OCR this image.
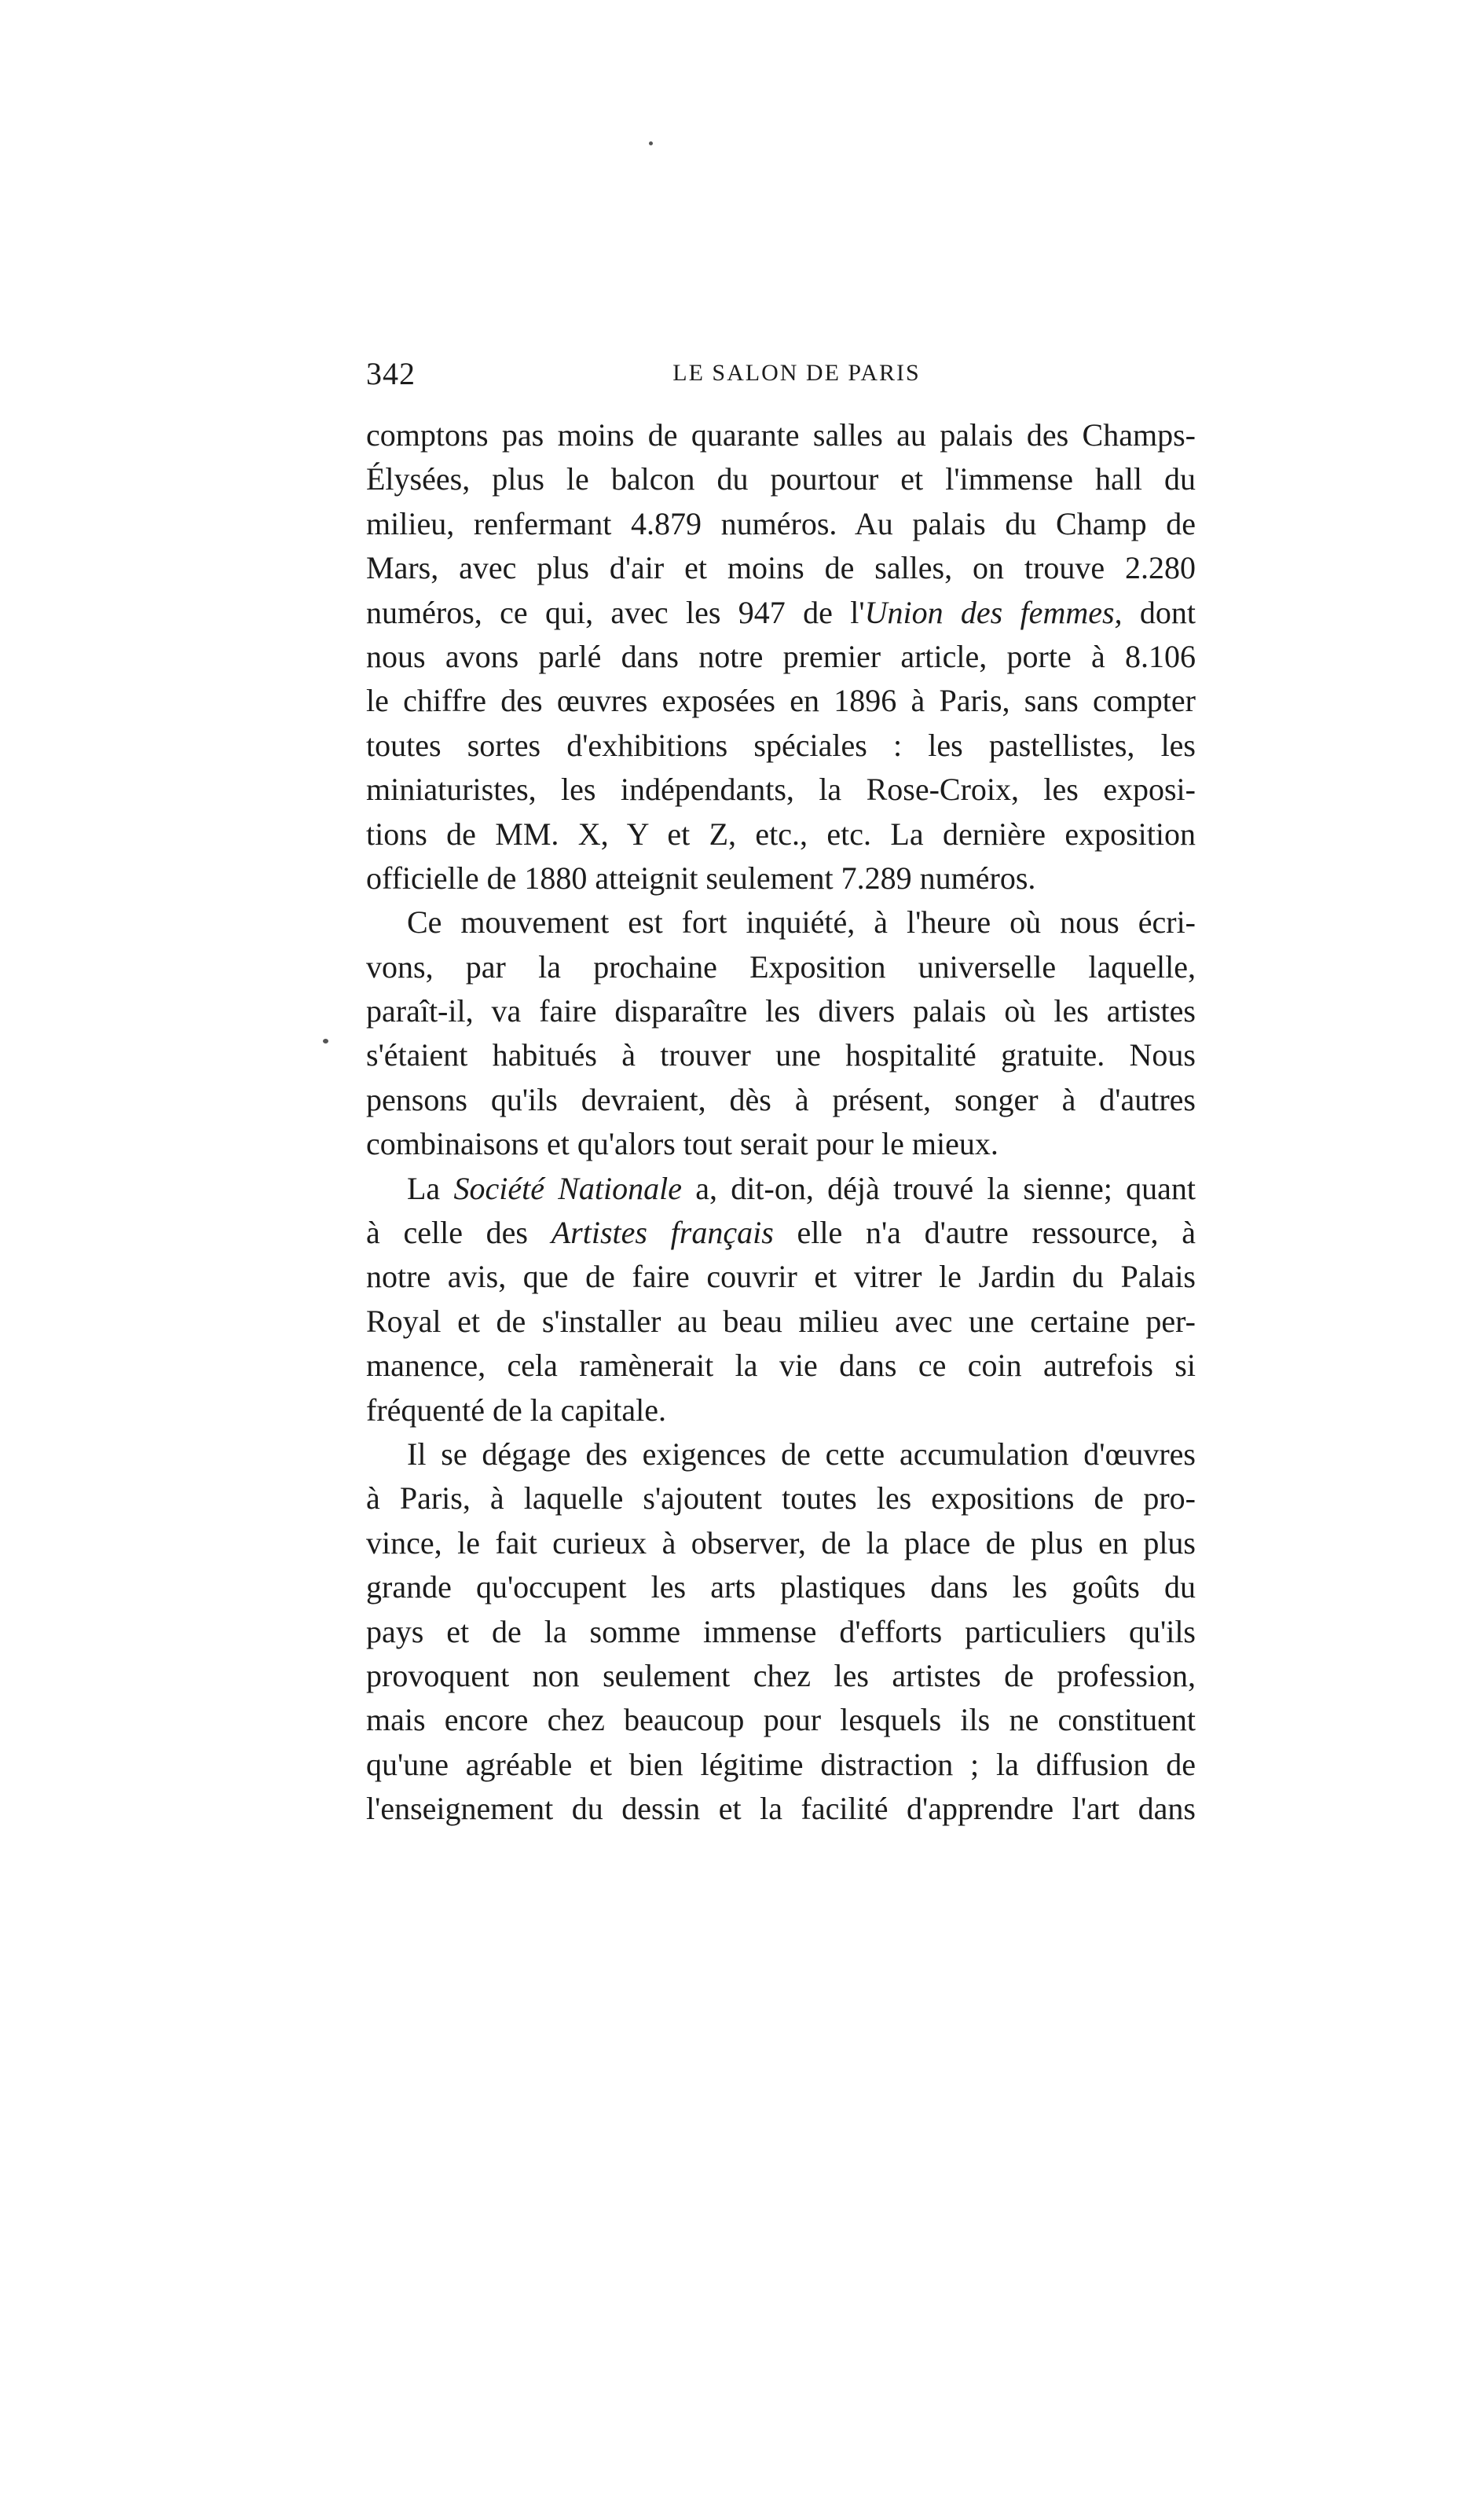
342	LE SALON DE PARIS
comptons pas moins de quarante salles au palais des Champs-
Élysées, plus le balcon du pourtour et l'immense hall du
milieu, renfermant 4.879 numéros. Au palais du Champ de
Mars, avec plus d'air et moins de salles, on trouve 2.280
numéros, ce qui, avec les 947 de l'Union des femmes, dont
nous avons parlé dans notre premier article, porte à 8.106
le chiffre des œuvres exposées en 1896 à Paris, sans compter
toutes sortes d'exhibitions spéciales : les pastellistes, les
miniaturistes, les indépendants, la Rose-Croix, les exposi-
tions de MM. X, Y et Z, etc., etc. La dernière exposition
officielle de 1880 atteignit seulement 7.289 numéros.
Ce mouvement est fort inquiété, à l'heure où nous écri-
vons, par la prochaine Exposition universelle laquelle,
paraît-il, va faire disparaître les divers palais où les artistes
s'étaient habitués à trouver une hospitalité gratuite. Nous
pensons qu'ils devraient, dès à présent, songer à d'autres
combinaisons et qu'alors tout serait pour le mieux.
La Société Nationale a, dit-on, déjà trouvé la sienne; quant
à celle des Artistes français elle n'a d'autre ressource, à
notre avis, que de faire couvrir et vitrer le Jardin du Palais
Royal et de s'installer au beau milieu avec une certaine per-
manence, cela ramènerait la vie dans ce coin autrefois si
fréquenté de la capitale.
Il se dégage des exigences de cette accumulation d'œuvres
à Paris, à laquelle s'ajoutent toutes les expositions de pro-
vince, le fait curieux à observer, de la place de plus en plus
grande qu'occupent les arts plastiques dans les goûts du
pays et de la somme immense d'efforts particuliers qu'ils
provoquent non seulement chez les artistes de profession,
mais encore chez beaucoup pour lesquels ils ne constituent
qu'une agréable et bien légitime distraction ; la diffusion de
l'enseignement du dessin et la facilité d'apprendre l'art dans
